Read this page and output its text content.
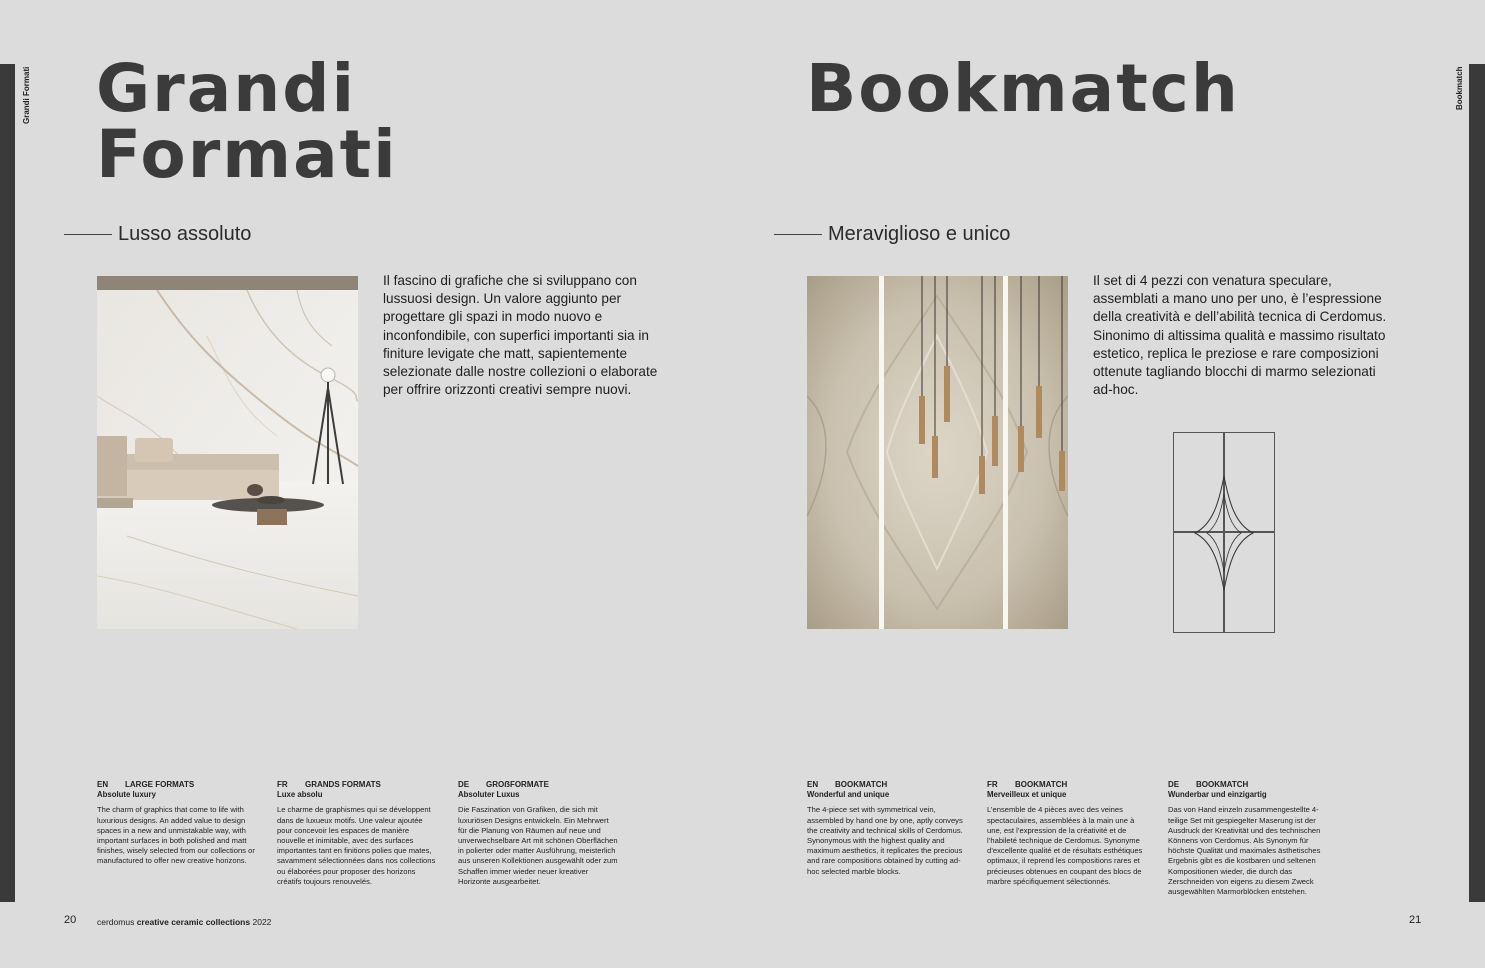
Grandi Formati	Bookmatch
Grandi
Formati
Lusso assoluto

Il fascino di grafiche che si sviluppano con lussuosi design. Un valore aggiunto per progettare gli spazi in modo nuovo e inconfondibile, con superfici importanti sia in finiture levigate che matt, sapientemente selezionate dalle nostre collezioni o elaborate per offrire orizzonti creativi sempre nuovi.

EN	LARGE FORMATS
Absolute luxury

The charm of graphics that come to life with luxurious designs. An added value to design spaces in a new and unmistakable way, with important surfaces in both polished and matt finishes, wisely selected from our collections or manufactured to offer new creative horizons.

FR	GRANDS FORMATS
Luxe absolu

Le charme de graphismes qui se développent dans de luxueux motifs. Une valeur ajoutée pour concevoir les espaces de manière nouvelle et inimitable, avec des surfaces importantes tant en finitions polies que mates, savamment sélectionnées dans nos collections ou élaborées pour proposer des horizons créatifs toujours renouvelés.

DE	GROẞFORMATE
Absoluter Luxus

Die Faszination von Grafiken, die sich mit luxuriösen Designs entwickeln. Ein Mehrwert für die Planung von Räumen auf neue und unverwechselbare Art mit schönen Oberflächen in polierter oder matter Ausführung, meisterlich aus unseren Kollektionen ausgewählt oder zum Schaffen immer wieder neuer kreativer Horizonte ausgearbeitet.

20 cerdomus creative ceramic collections 2022
Bookmatch
Meraviglioso e unico

Il set di 4 pezzi con venatura speculare, assemblati a mano uno per uno, è l’espressione della creatività e dell’abilità tecnica di Cerdomus. Sinonimo di altissima qualità e massimo risultato estetico, replica le preziose e rare composizioni ottenute tagliando blocchi di marmo selezionati ad-hoc.

EN	BOOKMATCH
Wonderful and unique

The 4-piece set with symmetrical vein, assembled by hand one by one, aptly conveys the creativity and technical skills of Cerdomus. Synonymous with the highest quality and maximum aesthetics, it replicates the precious and rare compositions obtained by cutting ad-hoc selected marble blocks.

FR	BOOKMATCH
Merveilleux et unique

L’ensemble de 4 pièces avec des veines spectaculaires, assemblées à la main une à une, est l’expression de la créativité et de l’habileté technique de Cerdomus. Synonyme d’excellente qualité et de résultats esthétiques optimaux, il reprend les compositions rares et précieuses obtenues en coupant des blocs de marbre spécifiquement sélectionnés.

DE	BOOKMATCH
Wunderbar und einzigartig

Das von Hand einzeln zusammengestellte 4-teilige Set mit gespiegelter Maserung ist der Ausdruck der Kreativität und des technischen Könnens von Cerdomus. Als Synonym für höchste Qualität und maximales ästhetisches Ergebnis gibt es die kostbaren und seltenen Kompositionen wieder, die durch das Zerschneiden von eigens zu diesem Zweck ausgewählten Marmorblöcken entstehen.

21
